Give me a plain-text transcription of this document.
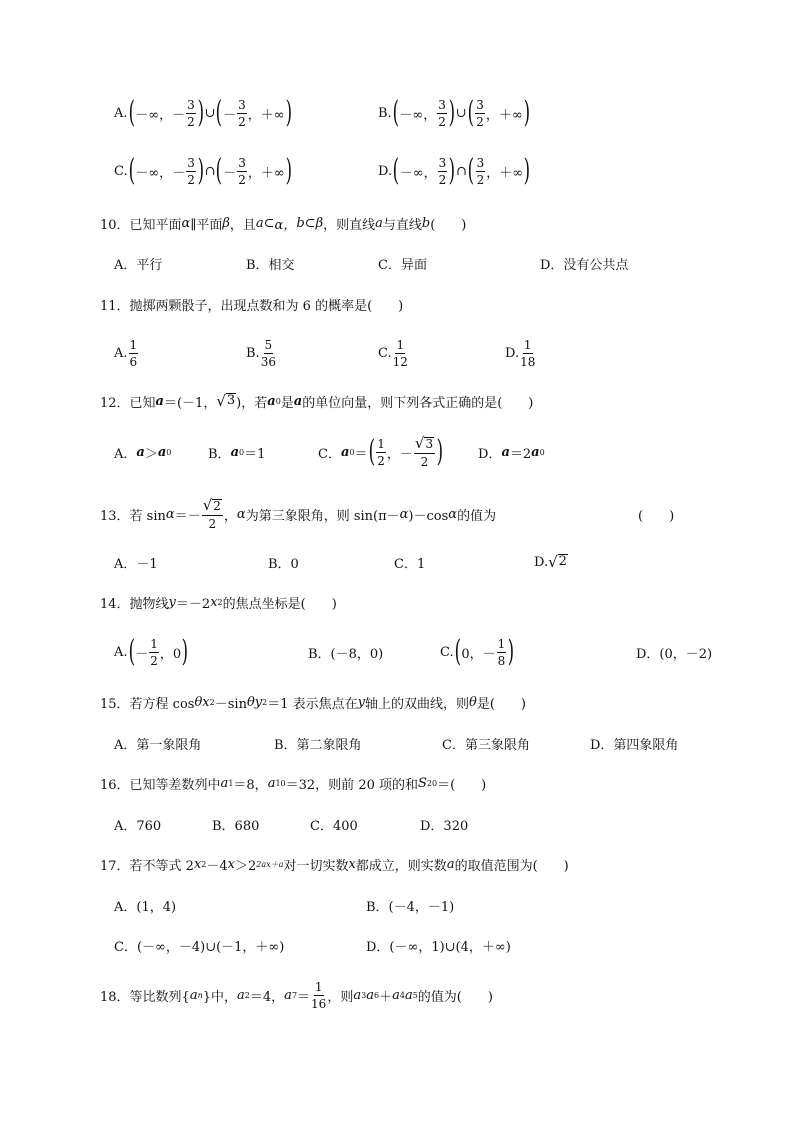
A. ( －∞， － $\frac{3}{2}$ ) ∪ ( － $\frac{3}{2}$ ，＋∞ )	B. ( －∞， $\frac{3}{2}$ ) ∪ ( $\frac{3}{2}$ ，＋∞ )
C. ( －∞， － $\frac{3}{2}$ ) ∩ ( － $\frac{3}{2}$ ，＋∞ )	D. ( －∞， $\frac{3}{2}$ ) ∩ ( $\frac{3}{2}$ ，＋∞ )
10．已知平面 α ∥平面 β ，且 a ⊂ α， b ⊂ β ，则直线 a 与直线 b (　　)
A．平行	B．相交	C．异面	D．没有公共点
11．抛掷两颗骰子，出现点数和为 6 的概率是(　　)
A. $\frac{1}{6}$	B. $\frac{5}{36}$	C. $\frac{1}{12}$	D. $\frac{1}{18}$
12．已知 a ＝(－1， √ 3 )，若 a 0 是 a 的单位向量，则下列各式正确的是(　　)
A． a ＞ a 0	B． a 0 ＝1	C． a 0 ＝ ( $\frac{1}{2}$ ，－ $\frac{√ 3}{2}$ )	D． a ＝2 a 0
13．若 $\sin \alpha =- \frac{√ 2}{2}$ ， α 为第三象限角，则 sin(π－ α )－cos α 的值为	(　　)
A．－1	B．0	C．1	D. √ 2
14．抛物线 y ＝－2 x 2 的焦点坐标是(　　)
A. ( － $\frac{1}{2}$ ，0 )	B．(－8，0)	C. ( 0，－ $\frac{1}{8}$ )	D．(0，－2)
15．若方程 cos θ x 2 －sin θ y 2 ＝1 表示焦点在 y 轴上的双曲线，则 θ 是(　　)
A．第一象限角	B．第二象限角	C．第三象限角	D．第四象限角
16．已知等差数列中 a 1 ＝8， a 10 ＝32，则前 20 项的和 S 20 ＝(　　)
A．760	B．680	C．400	D．320
17．若不等式 2 x 2 －4 x ＞2 2ax＋a 对一切实数 x 都成立，则实数 a 的取值范围为(　　)
A．(1，4)	B．(－4，－1)
C．(－∞，－4)∪(－1，＋∞)	D．(－∞，1)∪(4，＋∞)
18．等比数列{ a n }中， a 2 ＝4， a $7 = \frac{1}{16}$ ，则 a 3 a 6 ＋ a 4 a 5 的值为(　　)
